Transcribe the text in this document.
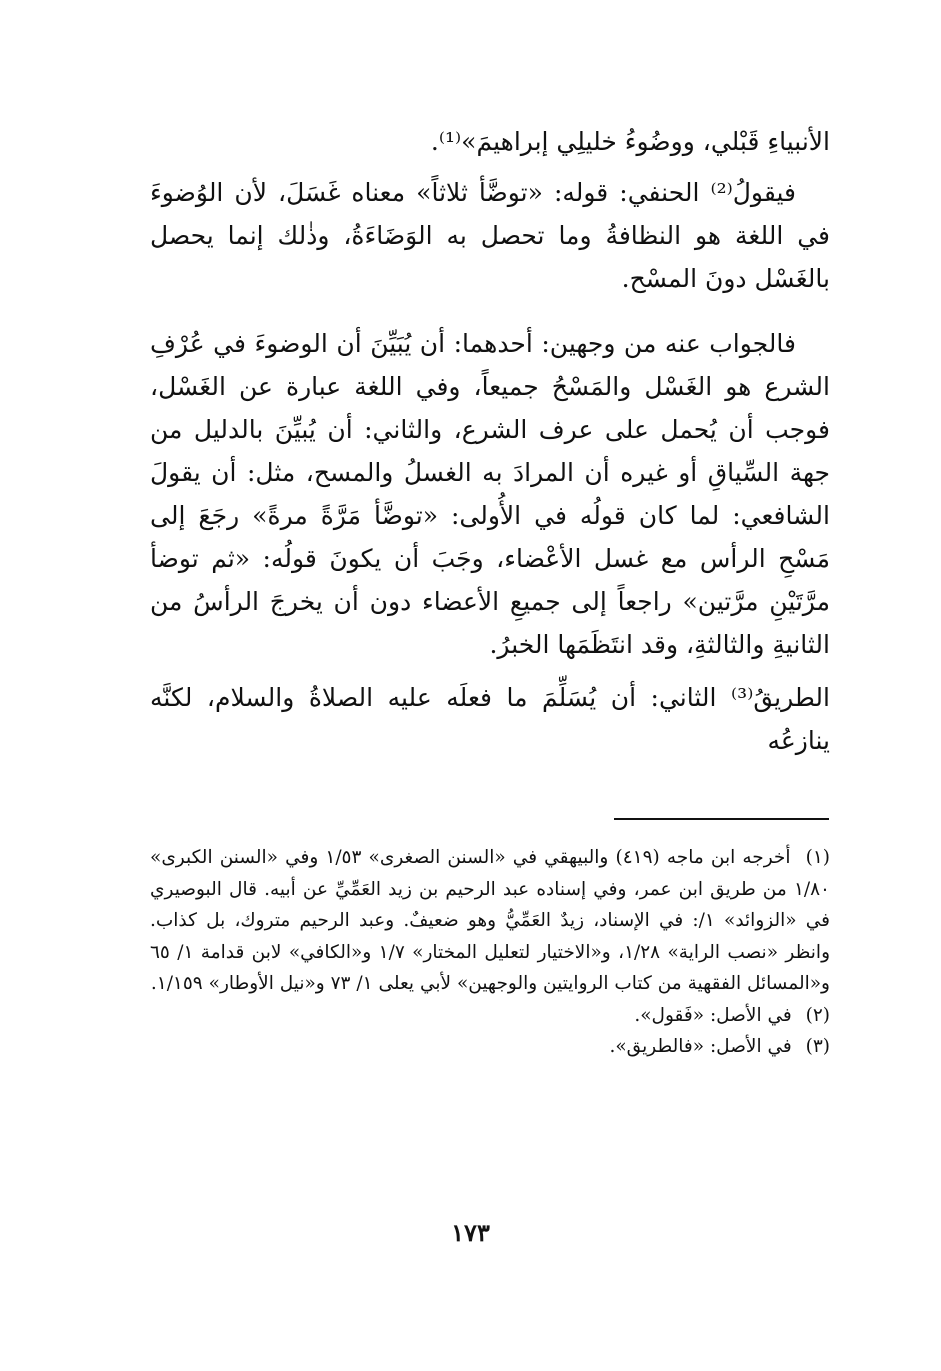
الأنبياءِ قَبْلي، ووضُوءُ خليلِي إبراهيمَ»⁽¹⁾.

فيقولُ⁽²⁾ الحنفي: قوله: «توضَّأ ثلاثاً» معناه غَسَلَ، لأن الوُضوءَ في اللغة هو النظافةُ وما تحصل به الوَضَاءَةُ، وذٰلك إنما يحصل بالغَسْل دونَ المسْح.

فالجواب عنه من وجهين: أحدهما: أن يُبَيِّنَ أن الوضوءَ في عُرْفِ الشرع هو الغَسْل والمَسْحُ جميعاً، وفي اللغة عبارة عن الغَسْل، فوجب أن يُحمل على عرف الشرع، والثاني: أن يُبيِّنَ بالدليل من جهة السِّياقِ أو غيره أن المرادَ به الغسلُ والمسح، مثل: أن يقولَ الشافعي: لما كان قولُه في الأُولى: «توضَّأ مَرَّةً مرةً» رجَعَ إلى مَسْحِ الرأس مع غسل الأعْضاء، وجَبَ أن يكونَ قولُه: «ثم توضأ مرَّتَيْنِ مرَّتين» راجعاً إلى جميعِ الأعضاء دون أن يخرجَ الرأسُ من الثانيةِ والثالثةِ، وقد انتَظَمَها الخبرُ.

الطريقُ⁽³⁾ الثاني: أن يُسَلِّمَ ما فعلَه عليه الصلاةُ والسلام، لكنَّه ينازعُه

(١) أخرجه ابن ماجه (٤١٩) والبيهقي في «السنن الصغرى» ١/٥٣ وفي «السنن الكبرى» ١/٨٠ من طريق ابن عمر، وفي إسناده عبد الرحيم بن زيد العَمِّيِّ عن أبيه. قال البوصيري في «الزوائد» ١/: في الإسناد، زيدٌ العَمِّيُّ وهو ضعيفٌ. وعبد الرحيم متروك، بل كذاب. وانظر «نصب الراية» ١/٢٨، و«الاختيار لتعليل المختار» ١/٧ و«الكافي» لابن قدامة ١/ ٦٥ و«المسائل الفقهية من كتاب الروايتين والوجهين» لأبي يعلى ١/ ٧٣ و«نيل الأوطار» ١/١٥٩.

(٢) في الأصل: «فَقول».

(٣) في الأصل: «فالطريق».

١٧٣
